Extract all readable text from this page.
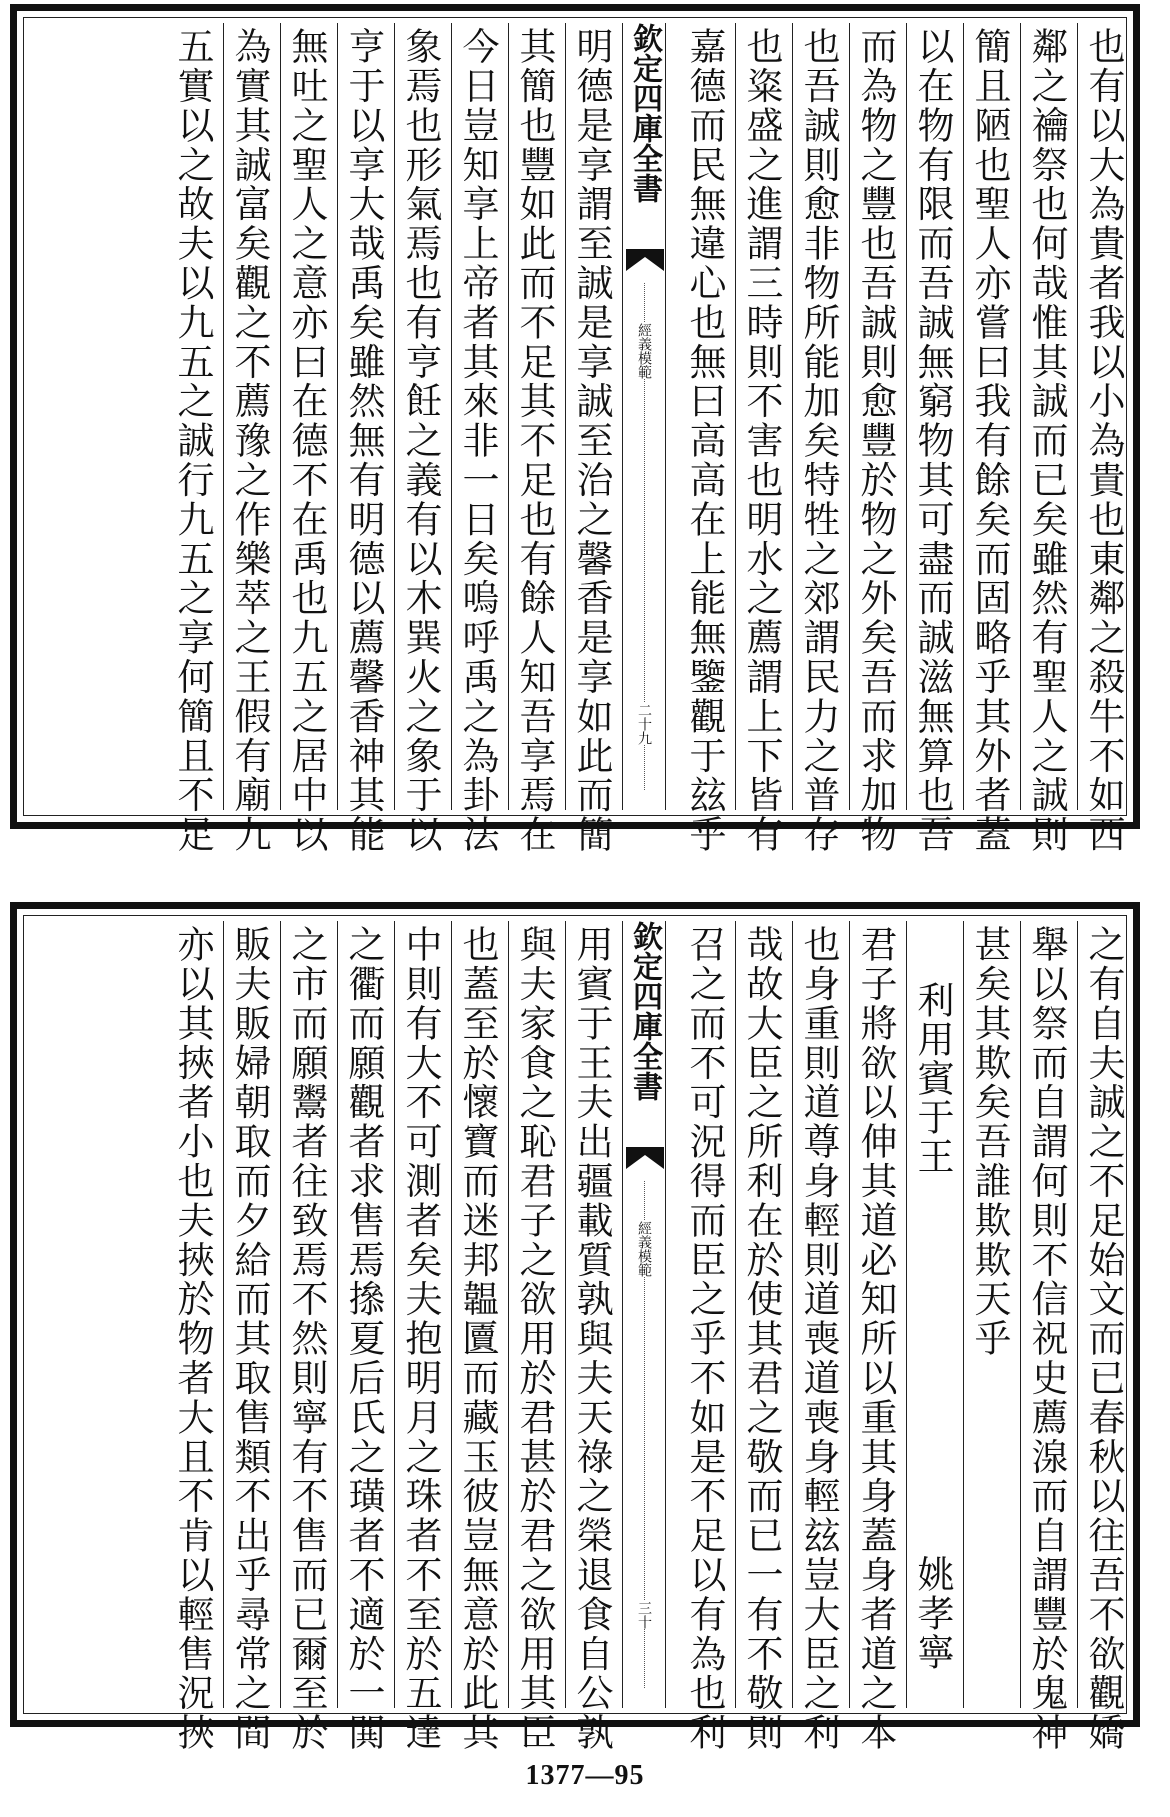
也有以大為貴者我以小為貴也東鄰之殺牛不如西
鄰之禴祭也何哉惟其誠而已矣雖然有聖人之誠則
簡且陋也聖人亦嘗曰我有餘矣而固略乎其外者蓋
以在物有限而吾誠無窮物其可盡而誠滋無算也吾
而為物之豐也吾誠則愈豐於物之外矣吾而求加物
也吾誠則愈非物所能加矣特牲之郊謂民力之普存
也粢盛之進謂三時則不害也明水之薦謂上下皆有
嘉德而民無違心也無曰高高在上能無鑒觀于玆乎
欽定四庫全書
經義模範
二十九
明德是享謂至誠是享誠至治之馨香是享如此而簡
其簡也豐如此而不足其不足也有餘人知吾享焉在
今日豈知享上帝者其來非一日矣嗚呼禹之為卦法
象焉也形氣焉也有亨飪之義有以木巽火之象于以
亨于以享大哉禹矣雖然無有明德以薦馨香神其能
無吐之聖人之意亦曰在德不在禹也九五之居中以
為實其誠富矣觀之不薦豫之作樂萃之王假有廟九
五實以之故夫以九五之誠行九五之享何簡且不足
之有自夫誠之不足始文而已春秋以往吾不欲觀嬌
舉以祭而自謂何則不信祝史薦湶而自謂豐於鬼神
甚矣其欺矣吾誰欺欺天乎
利用賓于王
姚孝寧
君子將欲以伸其道必知所以重其身蓋身者道之本
也身重則道尊身輕則道喪道喪身輕玆豈大臣之利
哉故大臣之所利在於使其君之敬而已一有不敬則
召之而不可況得而臣之乎不如是不足以有為也利
欽定四庫全書
經義模範
三十
用賓于王夫出疆載質孰與夫天祿之榮退食自公孰
與夫家食之恥君子之欲用於君甚於君之欲用其臣
也蓋至於懷寶而迷邦韞匵而藏玉彼豈無意於此其
中則有大不可測者矣夫抱明月之珠者不至於五達
之衢而願觀者求售焉撡夏后氏之璜者不適於一閧
之市而願鬻者往致焉不然則寧有不售而已爾至於
販夫販婦朝取而夕給而其取售類不出乎尋常之間
亦以其挾者小也夫挾於物者大且不肯以輕售況挾
1377—95
